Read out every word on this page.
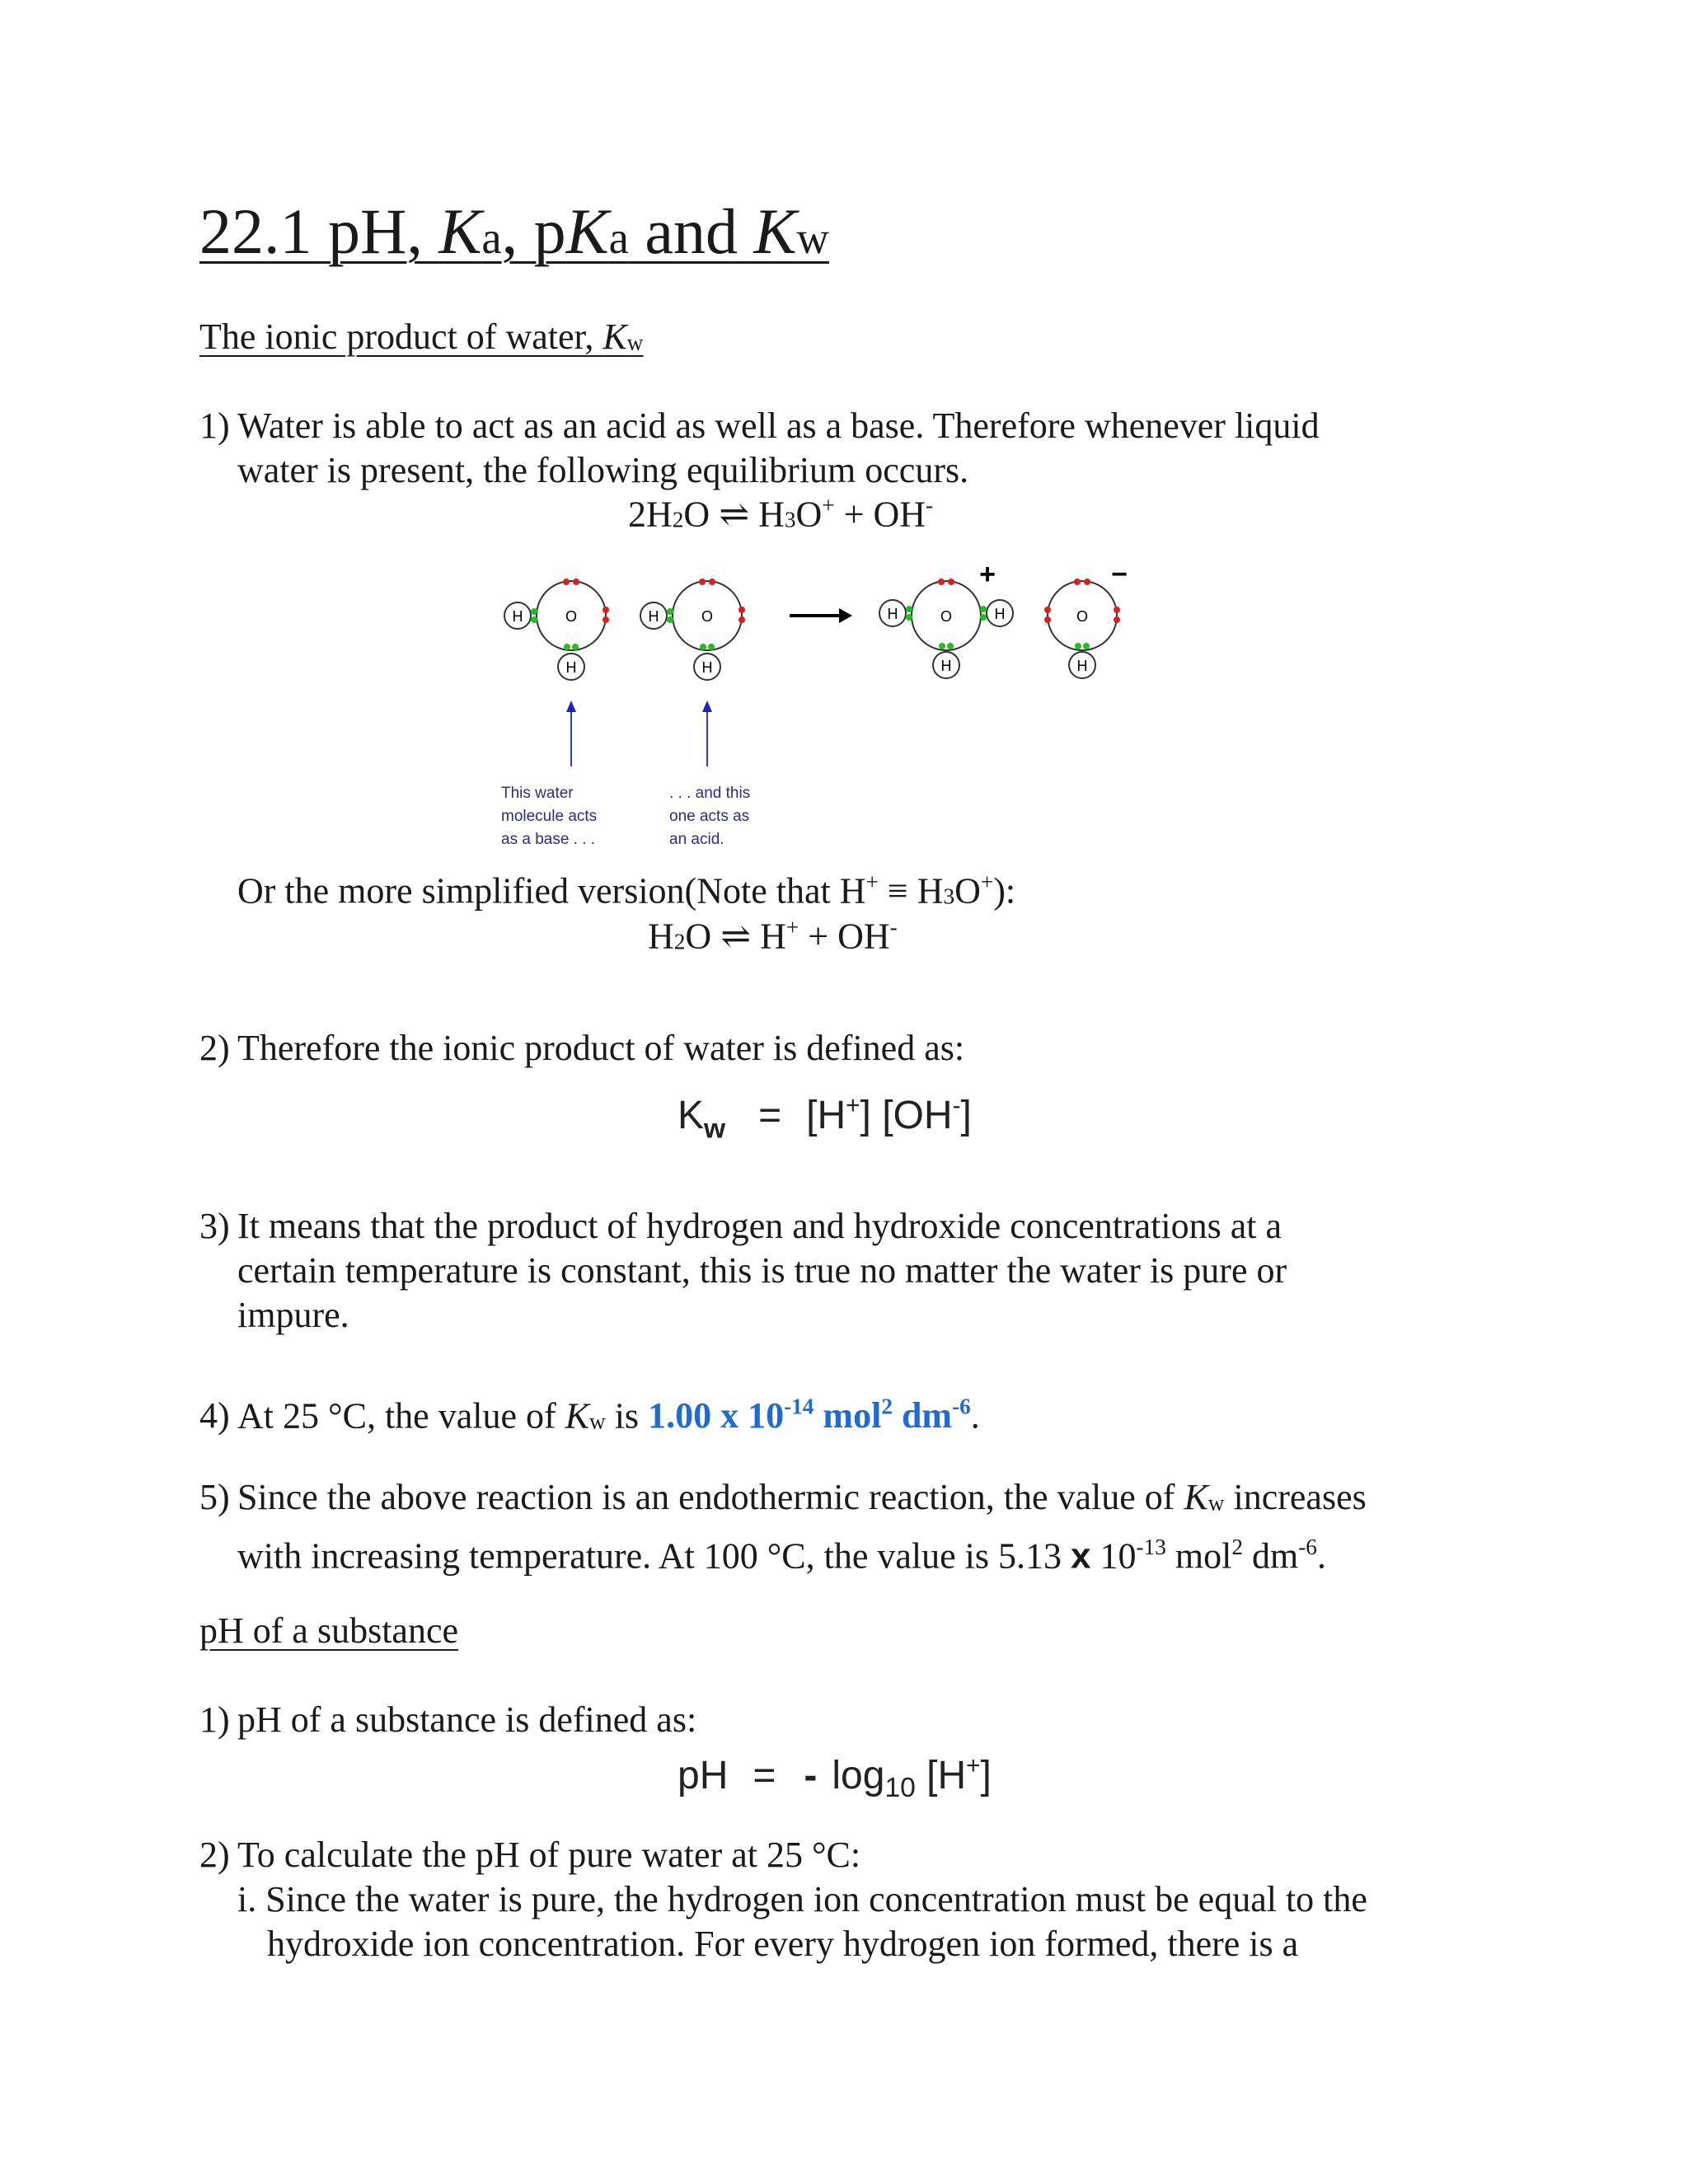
22.1 pH, Ka, pKa and Kw
The ionic product of water, Kw
1) Water is able to act as an acid as well as a base. Therefore whenever liquid
water is present, the following equilibrium occurs.
2H2O ⇌ H3O+ + OH-
H	O
H
H	O
H
H	H
O
H
+
O
H
−
This water
molecule acts
as a base . . .
. . . and this
one acts as
an acid.
Or the more simplified version(Note that H+ ≡ H3O+):
H2O ⇌ H+ + OH-
2) Therefore the ionic product of water is defined as:
$K_w = [H^+]$ [OH-]
3) It means that the product of hydrogen and hydroxide concentrations at a
certain temperature is constant, this is true no matter the water is pure or
impure.
4) At 25 °C, the value of Kw is 1.00 x $10^{-14}$ mol$^2$ $dm^{-6}$.
5) Since the above reaction is an endothermic reaction, the value of Kw increases
with increasing temperature. At 100 °C, the value is 5.13 x $10^{-13}$ mol$^2$ $dm^{-6}$.
pH of a substance
1) pH of a substance is defined as:
pH = - $\log_{10} [H^+]$
2) To calculate the pH of pure water at 25 °C:
i. Since the water is pure, the hydrogen ion concentration must be equal to the
hydroxide ion concentration. For every hydrogen ion formed, there is a
